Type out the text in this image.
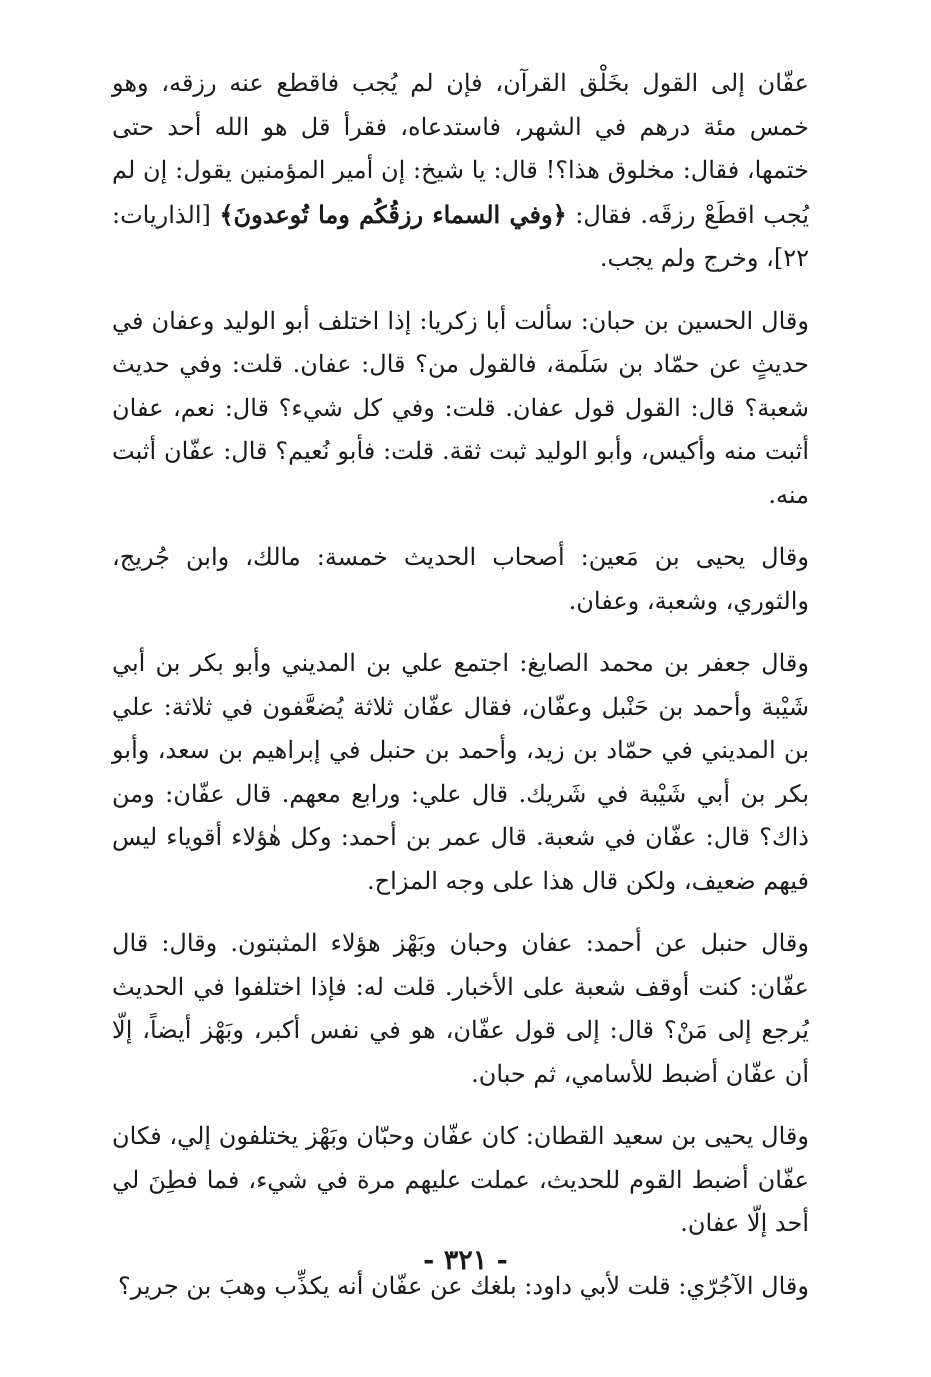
عفّان إلى القول بخَلْق القرآن، فإن لم يُجب فاقطع عنه رزقه، وهو خمس مئة درهم في الشهر، فاستدعاه، فقرأ قل هو الله أحد حتى ختمها، فقال: مخلوق هذا؟! قال: يا شيخ: إن أمير المؤمنين يقول: إن لم يُجب اقطَعْ رزقَه. فقال: ﴿وفي السماء رزقُكُم وما تُوعدونَ﴾ [الذاريات: ٢٢]، وخرج ولم يجب.

وقال الحسين بن حبان: سألت أبا زكريا: إذا اختلف أبو الوليد وعفان في حديثٍ عن حمّاد بن سَلَمة، فالقول من؟ قال: عفان. قلت: وفي حديث شعبة؟ قال: القول قول عفان. قلت: وفي كل شيء؟ قال: نعم، عفان أثبت منه وأكيس، وأبو الوليد ثبت ثقة. قلت: فأبو نُعيم؟ قال: عفّان أثبت منه.

وقال يحيى بن مَعين: أصحاب الحديث خمسة: مالك، وابن جُريج، والثوري، وشعبة، وعفان.

وقال جعفر بن محمد الصايغ: اجتمع علي بن المديني وأبو بكر بن أبي شَيْبة وأحمد بن حَنْبل وعفّان، فقال عفّان ثلاثة يُضعَّفون في ثلاثة: علي بن المديني في حمّاد بن زيد، وأحمد بن حنبل في إبراهيم بن سعد، وأبو بكر بن أبي شَيْبة في شَريك. قال علي: ورابع معهم. قال عفّان: ومن ذاك؟ قال: عفّان في شعبة. قال عمر بن أحمد: وكل هٰؤلاء أقوياء ليس فيهم ضعيف، ولكن قال هذا على وجه المزاح.

وقال حنبل عن أحمد: عفان وحبان وبَهْز هؤلاء المثبتون. وقال: قال عفّان: كنت أوقف شعبة على الأخبار. قلت له: فإذا اختلفوا في الحديث يُرجع إلى مَنْ؟ قال: إلى قول عفّان، هو في نفس أكبر، وبَهْز أيضاً، إلّا أن عفّان أضبط للأسامي، ثم حبان.

وقال يحيى بن سعيد القطان: كان عفّان وحبّان وبَهْز يختلفون إلي، فكان عفّان أضبط القوم للحديث، عملت عليهم مرة في شيء، فما فطِنَ لي أحد إلّا عفان.

وقال الآجُرّي: قلت لأبي داود: بلغك عن عفّان أنه يكذِّب وهبَ بن جرير؟

- ٣٢١ -
